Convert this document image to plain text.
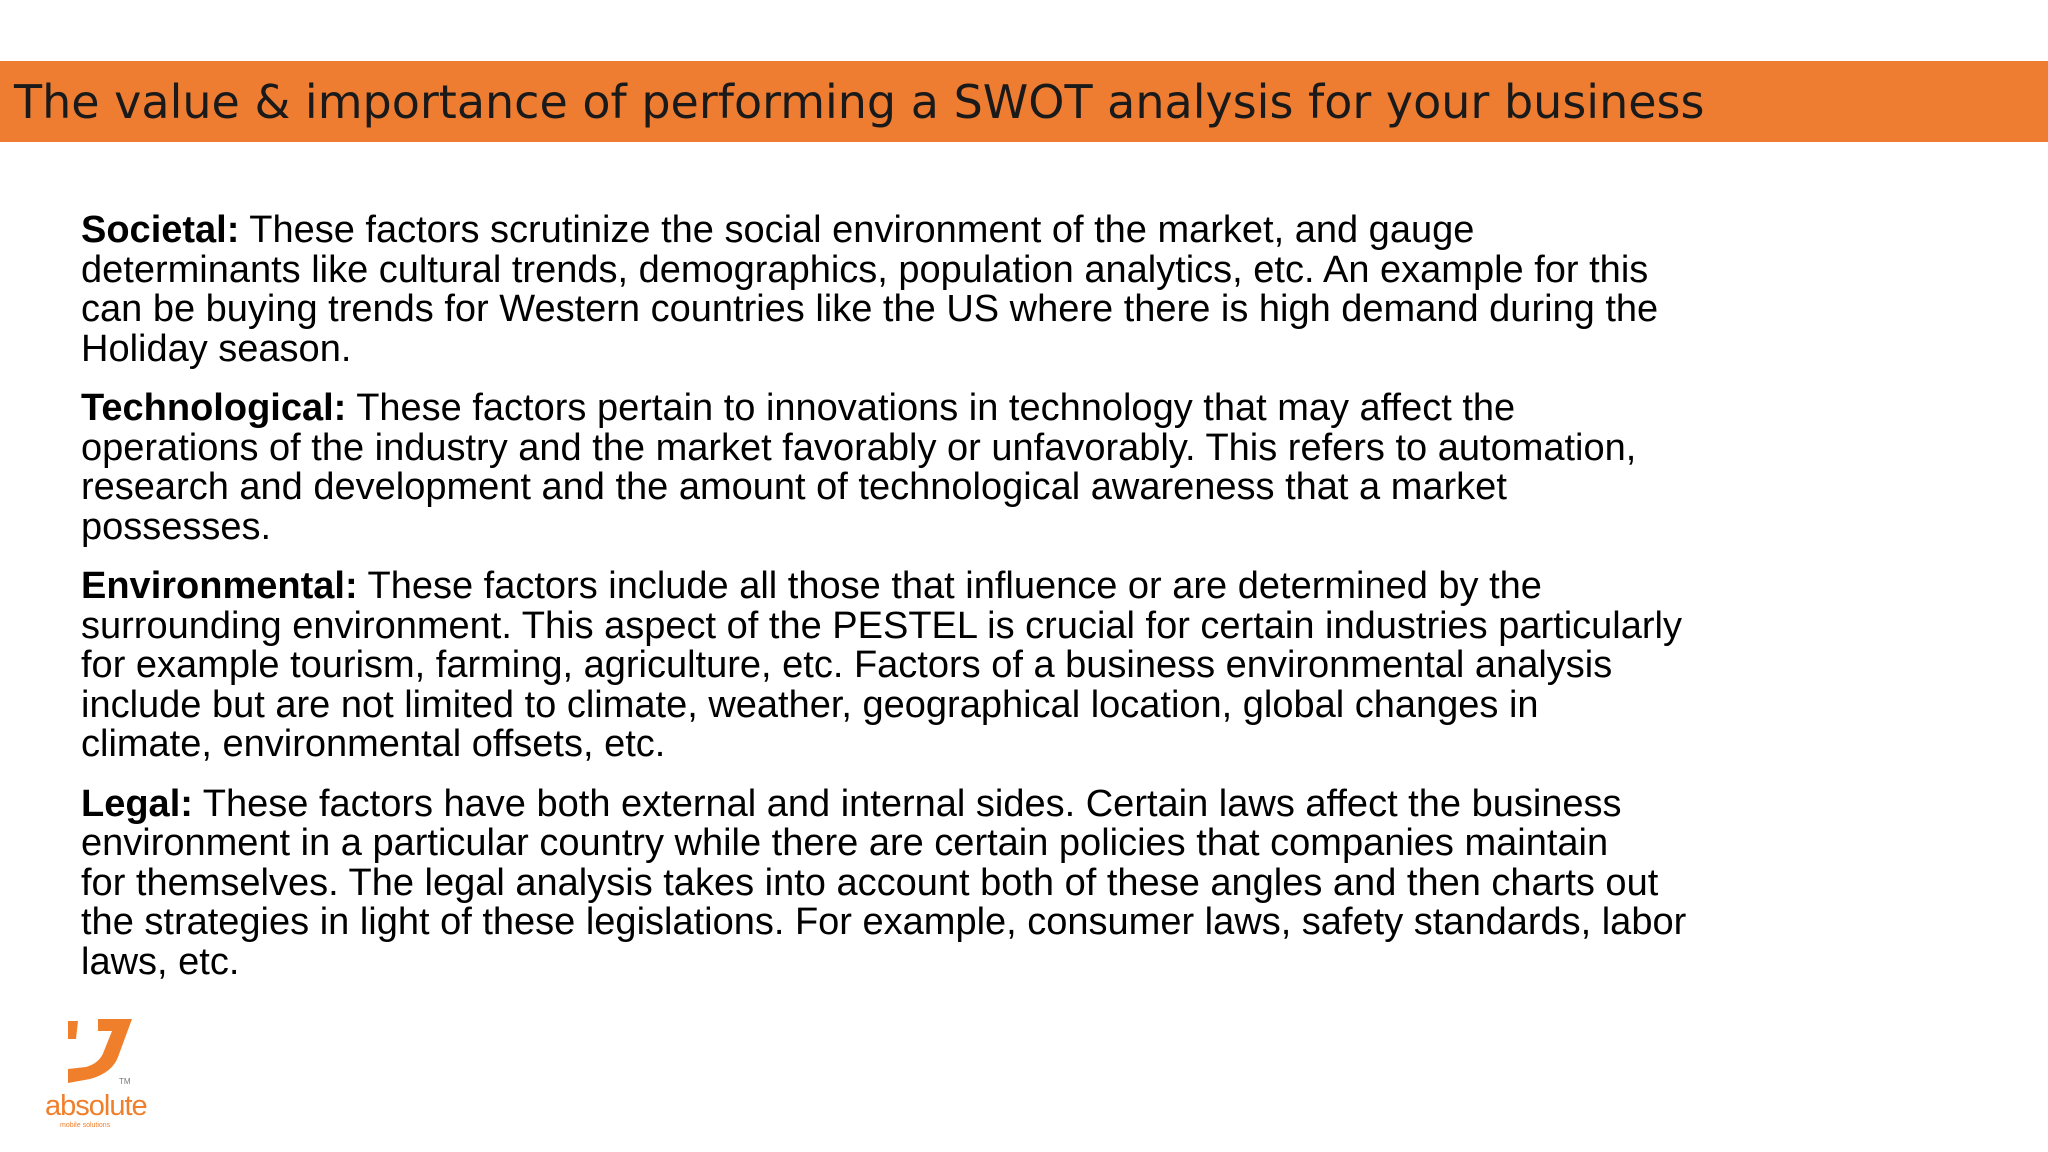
The value & importance of performing a SWOT analysis for your business

Societal: These factors scrutinize the social environment of the market, and gauge
determinants like cultural trends, demographics, population analytics, etc. An example for this
can be buying trends for Western countries like the US where there is high demand during the
Holiday season.

Technological: These factors pertain to innovations in technology that may affect the
operations of the industry and the market favorably or unfavorably. This refers to automation,
research and development and the amount of technological awareness that a market
possesses.

Environmental: These factors include all those that influence or are determined by the
surrounding environment. This aspect of the PESTEL is crucial for certain industries particularly
for example tourism, farming, agriculture, etc. Factors of a business environmental analysis
include but are not limited to climate, weather, geographical location, global changes in
climate, environmental offsets, etc.

Legal: These factors have both external and internal sides. Certain laws affect the business
environment in a particular country while there are certain policies that companies maintain
for themselves. The legal analysis takes into account both of these angles and then charts out
the strategies in light of these legislations. For example, consumer laws, safety standards, labor
laws, etc.

TM
absolute
mobile solutions
